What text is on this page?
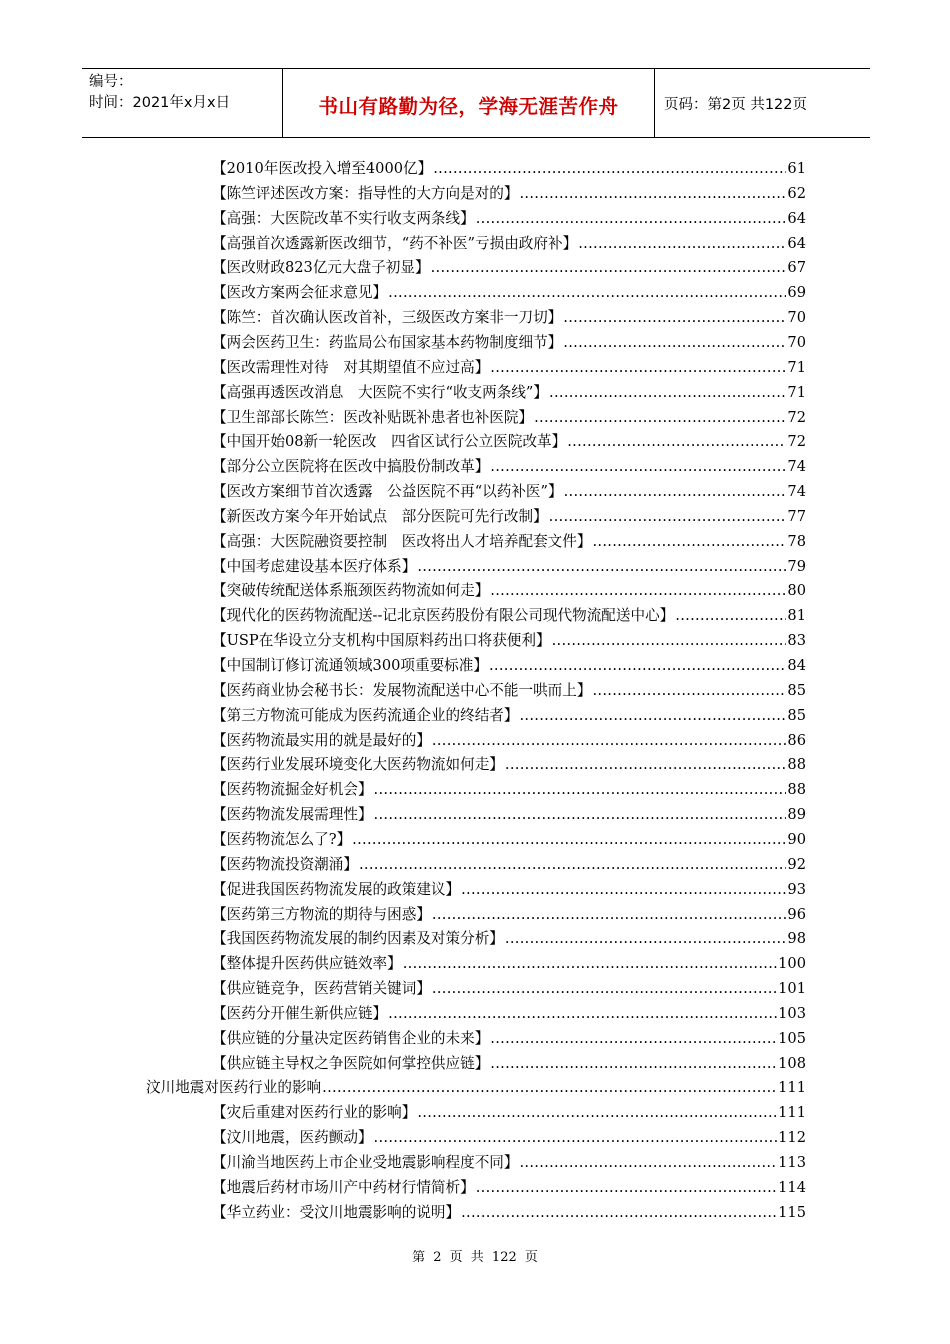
编号：
时间：2021年x月x日	书山有路勤为径，学海无涯苦作舟	页码：第2页 共122页
【2010年医改投入增至4000亿】 .....	61
【陈竺评述医改方案：指导性的大方向是对的】 .....	62
【高强：大医院改革不实行收支两条线】 .....	64
【高强首次透露新医改细节，“药不补医”亏损由政府补】 .....	64
【医改财政823亿元大盘子初显】 .....	67
【医改方案两会征求意见】 .....	69
【陈竺：首次确认医改首补，三级医改方案非一刀切】 .....	70
【两会医药卫生：药监局公布国家基本药物制度细节】 .....	70
【医改需理性对待　对其期望值不应过高】 .....	71
【高强再透医改消息　大医院不实行“收支两条线”】 .....	71
【卫生部部长陈竺：医改补贴既补患者也补医院】 .....	72
【中国开始08新一轮医改　四省区试行公立医院改革】 .....	72
【部分公立医院将在医改中搞股份制改革】 .....	74
【医改方案细节首次透露　公益医院不再“以药补医”】 .....	74
【新医改方案今年开始试点　部分医院可先行改制】 .....	77
【高强：大医院融资要控制　医改将出人才培养配套文件】 .....	78
【中国考虑建设基本医疗体系】 .....	79
【突破传统配送体系瓶颈医药物流如何走】 .....	80
【现代化的医药物流配送--记北京医药股份有限公司现代物流配送中心】 .....	81
【USP在华设立分支机构中国原料药出口将获便利】 .....	83
【中国制订修订流通领域300项重要标准】 .....	84
【医药商业协会秘书长：发展物流配送中心不能一哄而上】 .....	85
【第三方物流可能成为医药流通企业的终结者】 .....	85
【医药物流最实用的就是最好的】 .....	86
【医药行业发展环境变化大医药物流如何走】 .....	88
【医药物流掘金好机会】 .....	88
【医药物流发展需理性】 .....	89
【医药物流怎么了?】 .....	90
【医药物流投资潮涌】 .....	92
【促进我国医药物流发展的政策建议】 .....	93
【医药第三方物流的期待与困惑】 .....	96
【我国医药物流发展的制约因素及对策分析】 .....	98
【整体提升医药供应链效率】 .....	100
【供应链竞争，医药营销关键词】 .....	101
【医药分开催生新供应链】 .....	103
【供应链的分量决定医药销售企业的未来】 .....	105
【供应链主导权之争医院如何掌控供应链】 .....	108
汶川地震对医药行业的影响 .....	111
【灾后重建对医药行业的影响】 .....	111
【汶川地震，医药颤动】 .....	112
【川渝当地医药上市企业受地震影响程度不同】 .....	113
【地震后药材市场川产中药材行情简析】 .....	114
【华立药业：受汶川地震影响的说明】 .....	115
第 2 页 共 122 页
